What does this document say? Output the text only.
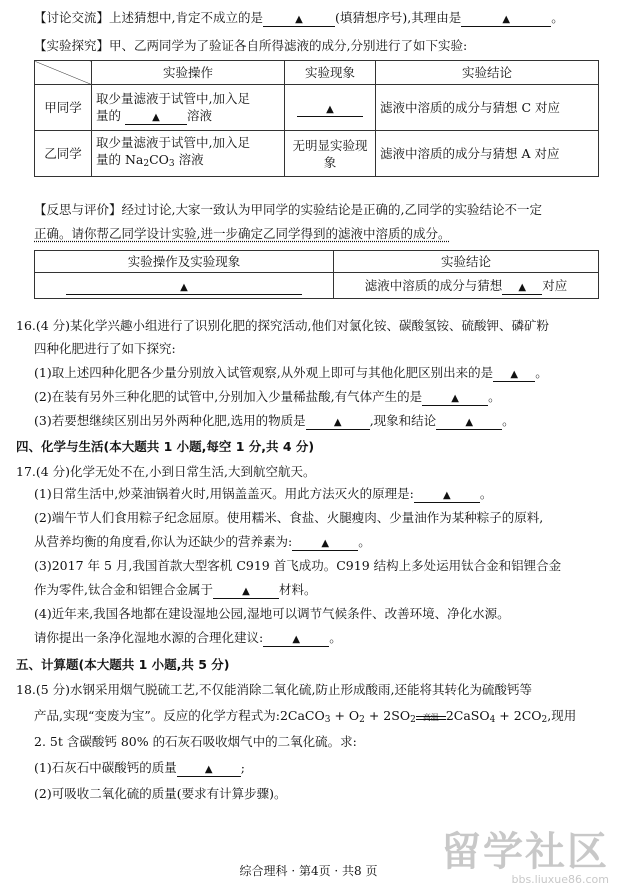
【讨论交流】上述猜想中,肯定不成立的是	▲	(填猜想序号),其理由是	▲	。
【实验探究】甲、乙两同学为了验证各自所得滤液的成分,分别进行了如下实验:
	实验操作	实验现象	实验结论
甲同学	取少量滤液于试管中,加入足
量的 ▲ 溶液	▲	滤液中溶质的成分与猜想 C 对应
乙同学	取少量滤液于试管中,加入足
量的 $Na_2CO_3$ 溶液	无明显实验现象	滤液中溶质的成分与猜想 A 对应
【反思与评价】经过讨论,大家一致认为甲同学的实验结论是正确的,乙同学的实验结论不一定
正确。请你帮乙同学设计实验,进一步确定乙同学得到的滤液中溶质的成分。
实验操作及实验现象	实验结论
▲	滤液中溶质的成分与猜想 ▲ 对应
16.(4 分)某化学兴趣小组进行了识别化肥的探究活动,他们对氯化铵、碳酸氢铵、硫酸钾、磷矿粉
四种化肥进行了如下探究:
(1)取上述四种化肥各少量分别放入试管观察,从外观上即可与其他化肥区别出来的是 ▲ 。
(2)在装有另外三种化肥的试管中,分别加入少量稀盐酸,有气体产生的是	▲ 。
(3)若要想继续区别出另外两种化肥,选用的物质是	▲ ,现象和结论	▲ 。
四、化学与生活(本大题共 1 小题,每空 1 分,共 4 分)
17.(4 分)化学无处不在,小到日常生活,大到航空航天。
(1)日常生活中,炒菜油锅着火时,用锅盖盖灭。用此方法灭火的原理是:	▲ 。
(2)端午节人们食用粽子纪念屈原。使用糯米、食盐、火腿瘦肉、少量油作为某种粽子的原料,
从营养均衡的角度看,你认为还缺少的营养素为:	▲ 。
(3)2017 年 5 月,我国首款大型客机 C919 首飞成功。C919 结构上多处运用钛合金和铝锂合金
作为零件,钛合金和铝锂合金属于	▲ 材料。
(4)近年来,我国各地都在建设湿地公园,湿地可以调节气候条件、改善环境、净化水源。
请你提出一条净化湿地水源的合理化建议:	▲ 。
五、计算题(本大题共 1 小题,共 5 分)
18.(5 分)水钢采用烟气脱硫工艺,不仅能消除二氧化硫,防止形成酸雨,还能将其转化为硫酸钙等
产品,实现“变废为宝”。反应的化学方程式为:2CaCO$_3$ + $O_2 + 2SO_2$ 高温 2CaSO$_4$ + $2CO_2$,现用
2. 5t 含碳酸钙 80% 的石灰石吸收烟气中的二氧化硫。求:
(1)石灰石中碳酸钙的质量	▲ ;
(2)可吸收二氧化硫的质量(要求有计算步骤)。
留学社区
bbs.liuxue86.com
综合理科 · 第4页 · 共8 页
